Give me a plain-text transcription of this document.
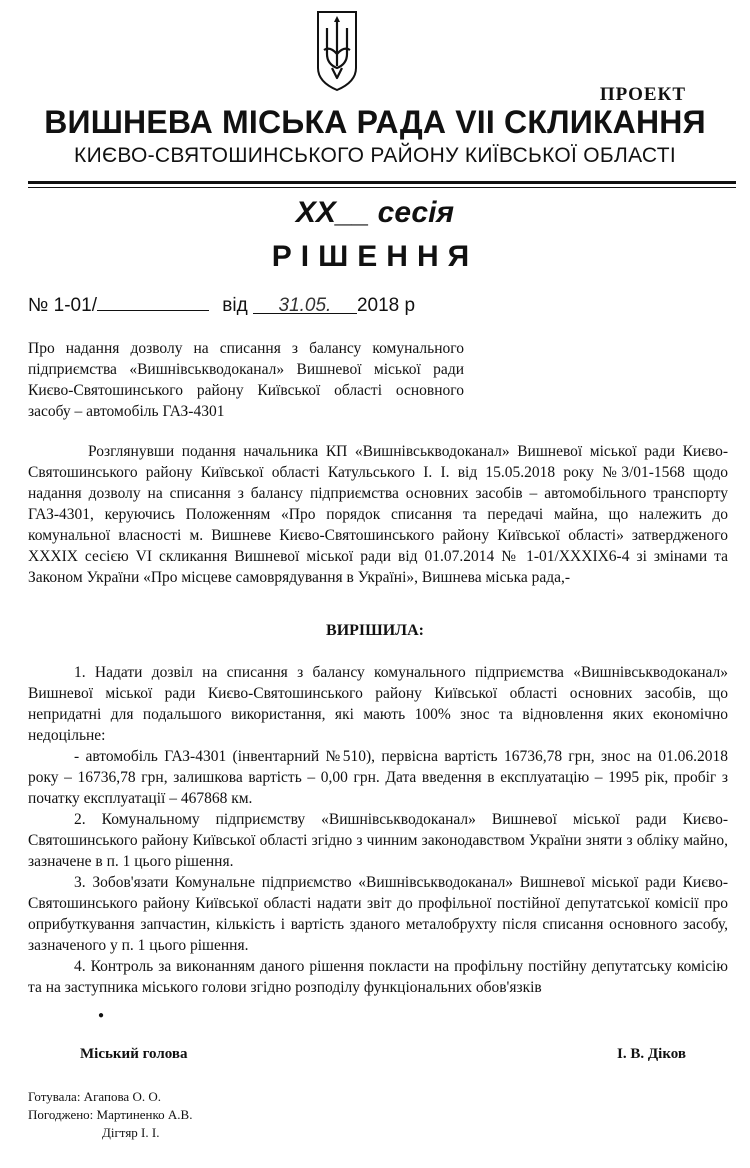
ПРОЕКТ
ВИШНЕВА МІСЬКА РАДА VII СКЛИКАННЯ
КИЄВО-СВЯТОШИНСЬКОГО РАЙОНУ КИЇВСЬКОЇ ОБЛАСТІ
XX__ сесія
РІШЕННЯ
№ 1-01/	від 31.05. 2018 р
Про надання дозволу на списання з балансу комунального підприємства «Вишнівськводоканал» Вишневої міської ради Києво-Святошинського району Київської області основного засобу – автомобіль ГАЗ-4301
Розглянувши подання начальника КП «Вишнівськводоканал» Вишневої міської ради Києво-Святошинського району Київської області Катульського І. І. від 15.05.2018 року №3/01-1568 щодо надання дозволу на списання з балансу підприємства основних засобів – автомобільного транспорту ГАЗ-4301, керуючись Положенням «Про порядок списання та передачі майна, що належить до комунальної власності м. Вишневе Києво-Святошинського району Київської області» затвердженого XXXIX сесією VI скликання Вишневої міської ради від 01.07.2014 № 1-01/XXXIX6-4 зі змінами та Законом України «Про місцеве самоврядування в Україні», Вишнева міська рада,-
ВИРІШИЛА:

1. Надати дозвіл на списання з балансу комунального підприємства «Вишнівськводоканал» Вишневої міської ради Києво-Святошинського району Київської області основних засобів, що непридатні для подальшого використання, які мають 100% знос та відновлення яких економічно недоцільне:

- автомобіль ГАЗ-4301 (інвентарний №510), первісна вартість 16736,78 грн, знос на 01.06.2018 року – 16736,78 грн, залишкова вартість – 0,00 грн. Дата введення в експлуатацію – 1995 рік, пробіг з початку експлуатації – 467868 км.

2. Комунальному підприємству «Вишнівськводоканал» Вишневої міської ради Києво-Святошинського району Київської області згідно з чинним законодавством України зняти з обліку майно, зазначене в п. 1 цього рішення.

3. Зобов'язати Комунальне підприємство «Вишнівськводоканал» Вишневої міської ради Києво-Святошинського району Київської області надати звіт до профільної постійної депутатської комісії про оприбуткування запчастин, кількість і вартість зданого металобрухту після списання основного засобу, зазначеного у п. 1 цього рішення.

4. Контроль за виконанням даного рішення покласти на профільну постійну депутатську комісію та на заступника міського голови згідно розподілу функціональних обов'язків

●
Міський голова	І. В. Діков
Готувала: Агапова О. О.
Погоджено: Мартиненко А.В.
Дігтяр І. І.
